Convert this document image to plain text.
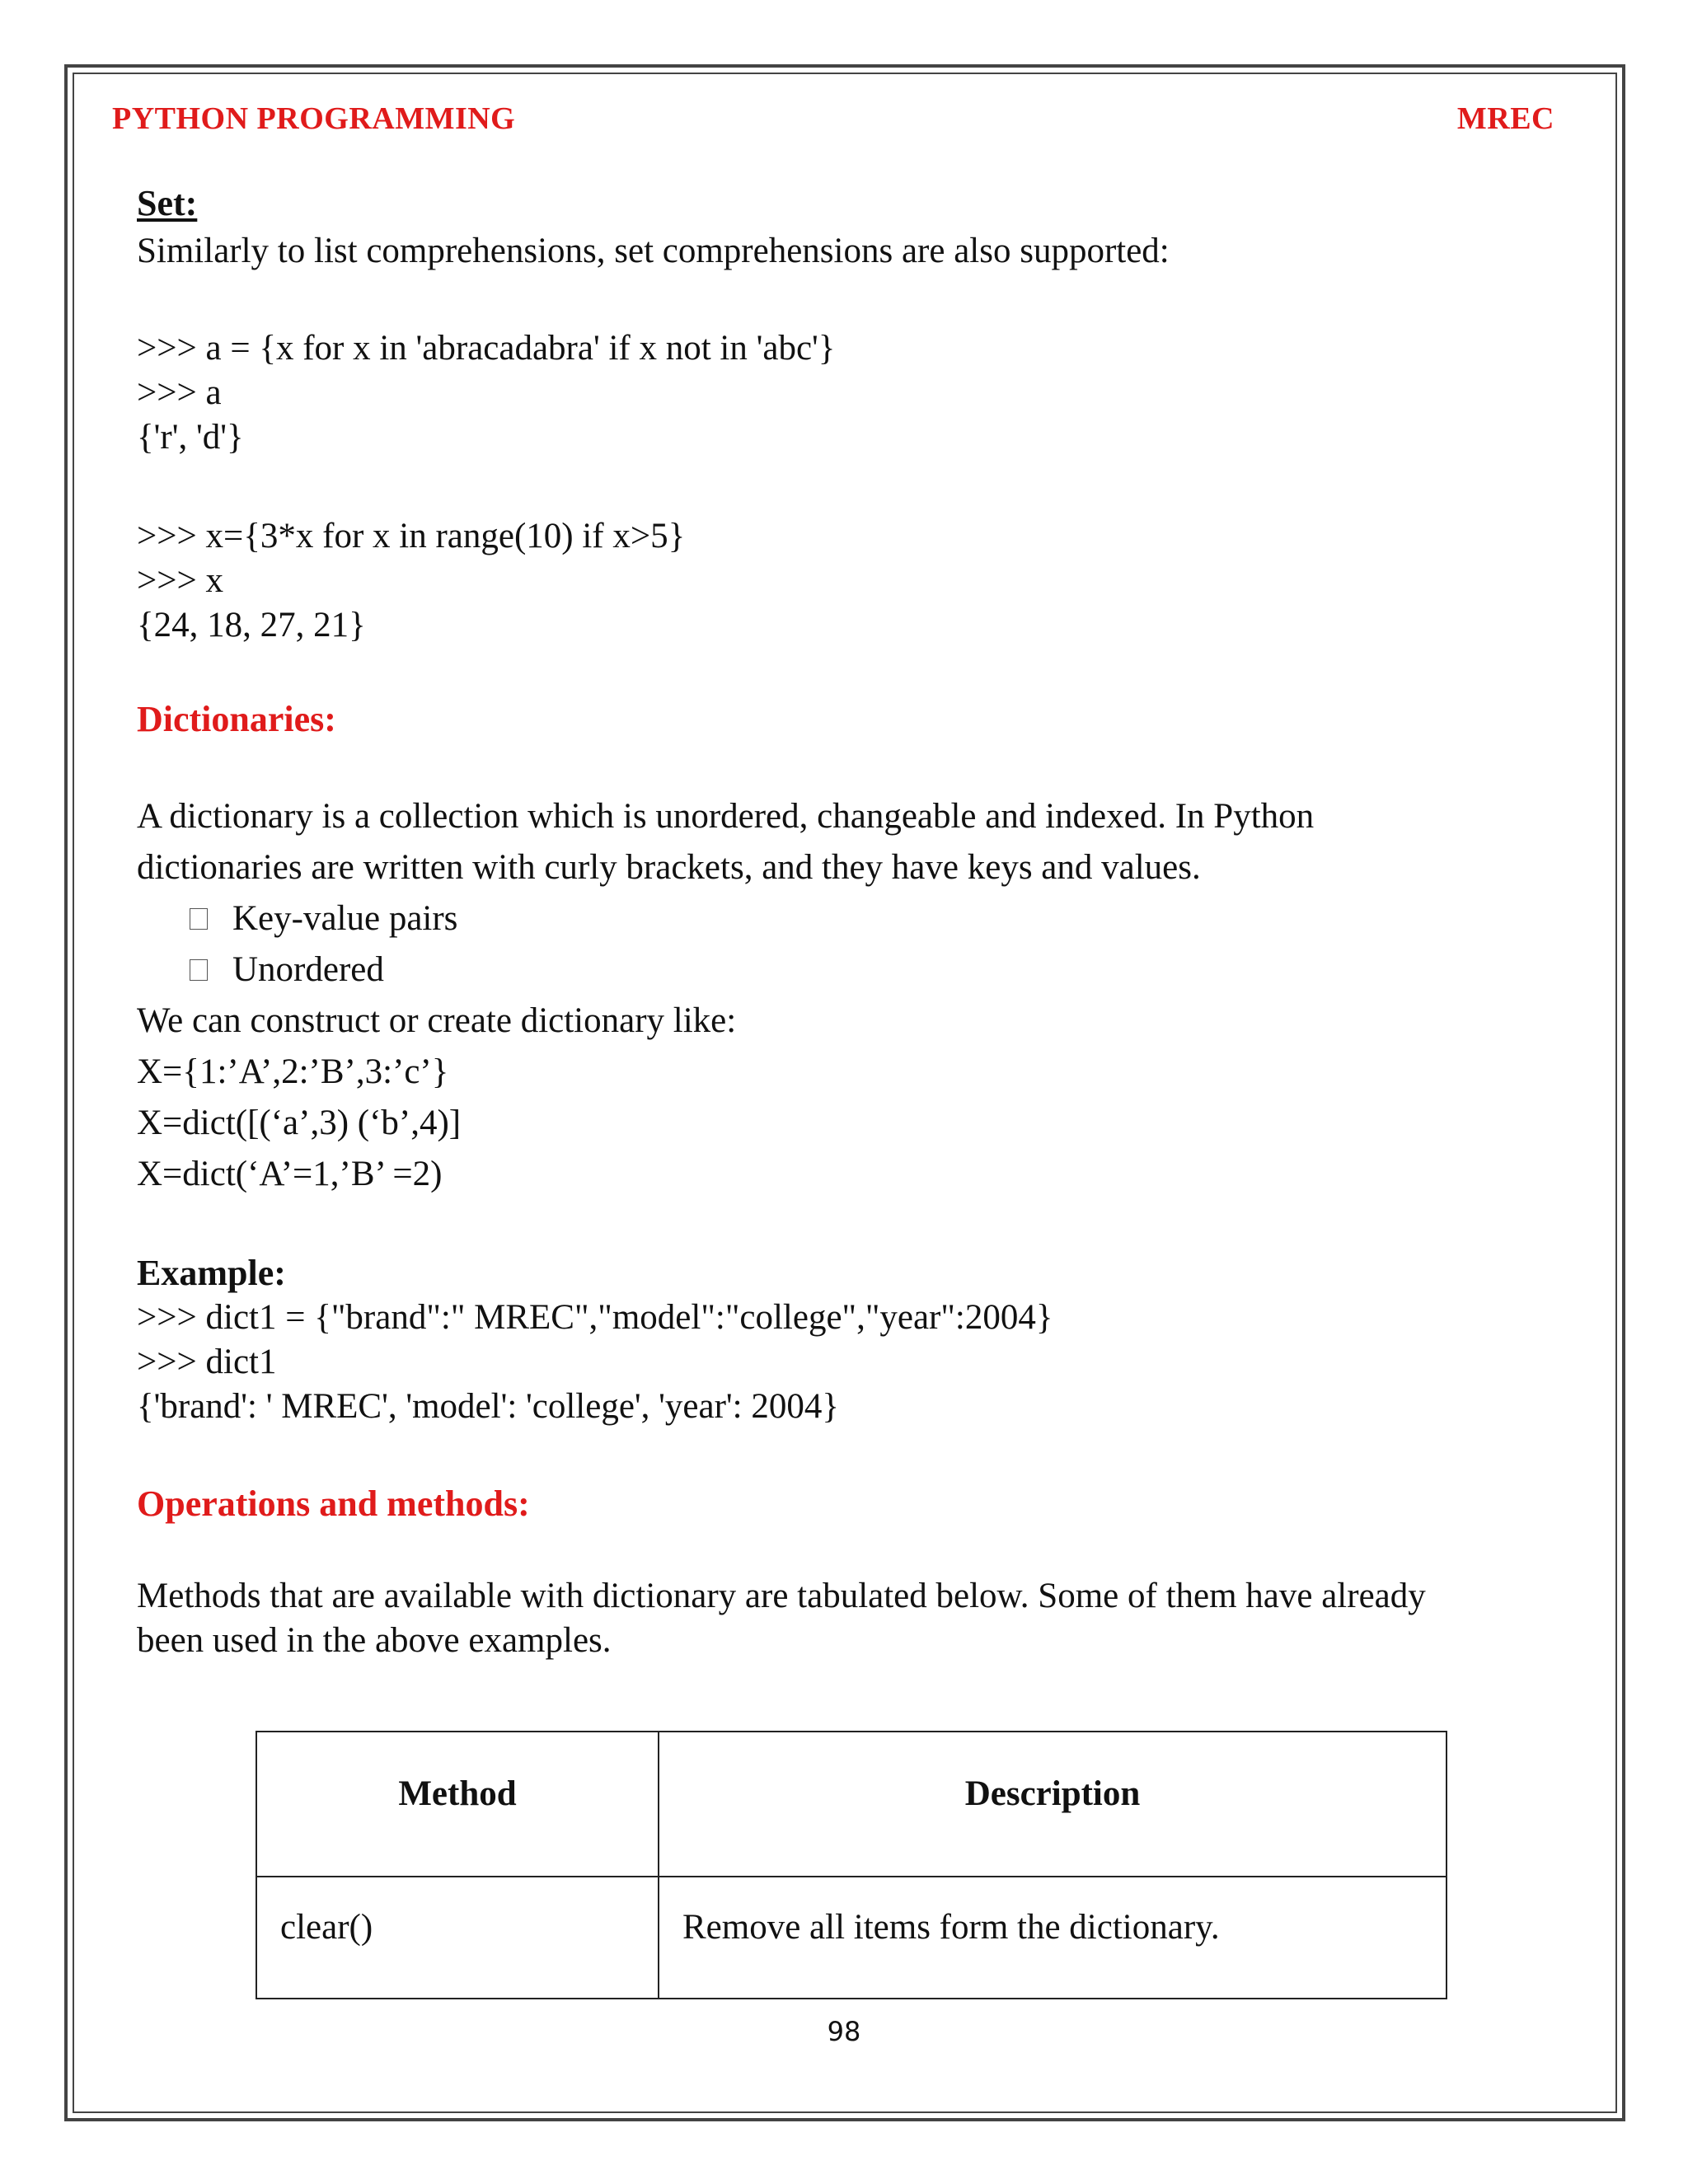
PYTHON PROGRAMMING	MREC
Set:
Similarly to list comprehensions, set comprehensions are also supported:
>>> a = {x for x in 'abracadabra' if x not in 'abc'}
>>> a
{'r', 'd'}
>>> x={3*x for x in range(10) if x>5}
>>> x
{24, 18, 27, 21}
Dictionaries:
A dictionary is a collection which is unordered, changeable and indexed. In Python
dictionaries are written with curly brackets, and they have keys and values.
Key-value pairs
Unordered
We can construct or create dictionary like:
X={1:’A’,2:’B’,3:’c’}
X=dict([(‘a’,3) (‘b’,4)]
X=dict(‘A’=1,’B’ =2)
Example:
>>> dict1 = {"brand":" MREC","model":"college","year":2004}
>>> dict1
{'brand': ' MREC', 'model': 'college', 'year': 2004}
Operations and methods:
Methods that are available with dictionary are tabulated below. Some of them have already
been used in the above examples.
Method	Description
clear()	Remove all items form the dictionary.
98
